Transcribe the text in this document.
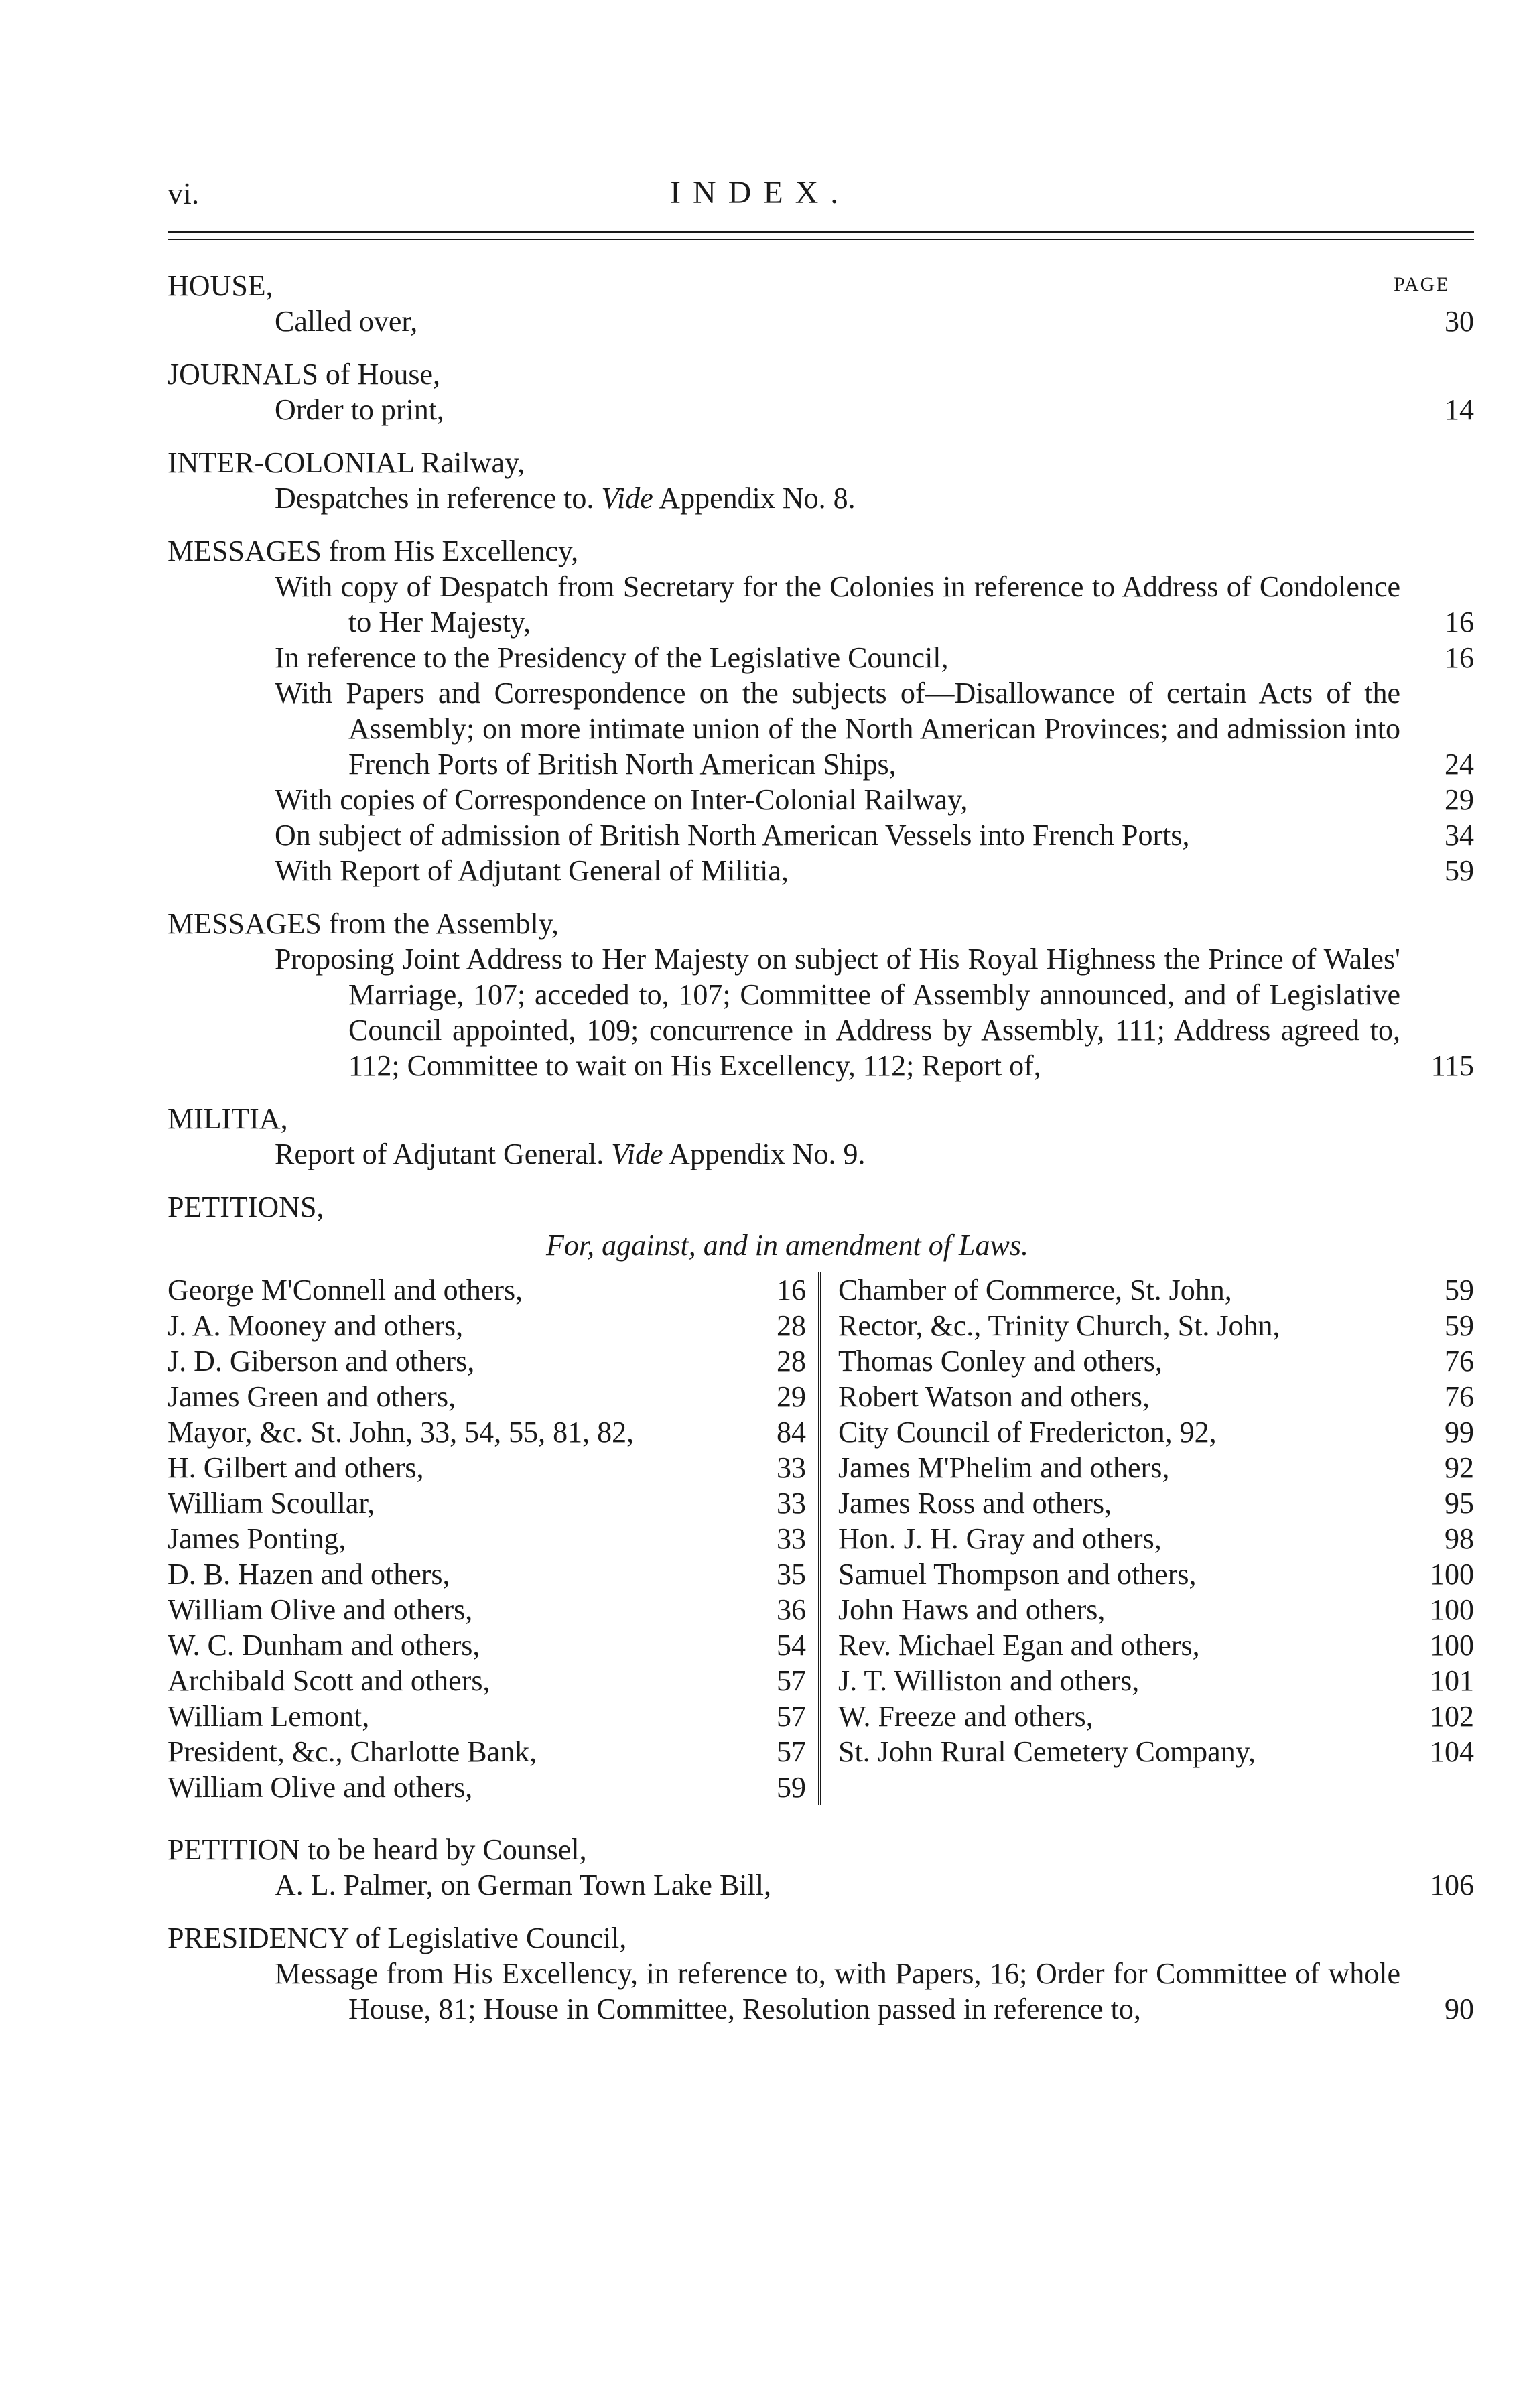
vi.	INDEX.
PAGE
HOUSE,
Called over,	30
JOURNALS of House,
Order to print,	14
INTER-COLONIAL Railway,
Despatches in reference to. Vide Appendix No. 8.
MESSAGES from His Excellency,
With copy of Despatch from Secretary for the Colonies in reference to Address of Condolence to Her Majesty,	16
In reference to the Presidency of the Legislative Council,	16
With Papers and Correspondence on the subjects of—Disallowance of certain Acts of the Assembly; on more intimate union of the North American Provinces; and admission into French Ports of British North American Ships,	24
With copies of Correspondence on Inter-Colonial Railway,	29
On subject of admission of British North American Vessels into French Ports,	34
With Report of Adjutant General of Militia,	59
MESSAGES from the Assembly,
Proposing Joint Address to Her Majesty on subject of His Royal Highness the Prince of Wales' Marriage, 107; acceded to, 107; Committee of Assembly announced, and of Legislative Council appointed, 109; concurrence in Address by Assembly, 111; Address agreed to, 112; Committee to wait on His Excellency, 112; Report of,	115
MILITIA,
Report of Adjutant General. Vide Appendix No. 9.
PETITIONS,
For, against, and in amendment of Laws.
George M'Connell and others,	16
J. A. Mooney and others,	28
J. D. Giberson and others,	28
James Green and others,	29
Mayor, &c. St. John, 33, 54, 55, 81, 82,	84
H. Gilbert and others,	33
William Scoullar,	33
James Ponting,	33
D. B. Hazen and others,	35
William Olive and others,	36
W. C. Dunham and others,	54
Archibald Scott and others,	57
William Lemont,	57
President, &c., Charlotte Bank,	57
William Olive and others,	59
Chamber of Commerce, St. John,	59
Rector, &c., Trinity Church, St. John,	59
Thomas Conley and others,	76
Robert Watson and others,	76
City Council of Fredericton, 92,	99
James M'Phelim and others,	92
James Ross and others,	95
Hon. J. H. Gray and others,	98
Samuel Thompson and others,	100
John Haws and others,	100
Rev. Michael Egan and others,	100
J. T. Williston and others,	101
W. Freeze and others,	102
St. John Rural Cemetery Company,	104
PETITION to be heard by Counsel,
A. L. Palmer, on German Town Lake Bill,	106
PRESIDENCY of Legislative Council,
Message from His Excellency, in reference to, with Papers, 16; Order for Committee of whole House, 81; House in Committee, Resolution passed in reference to,	90
